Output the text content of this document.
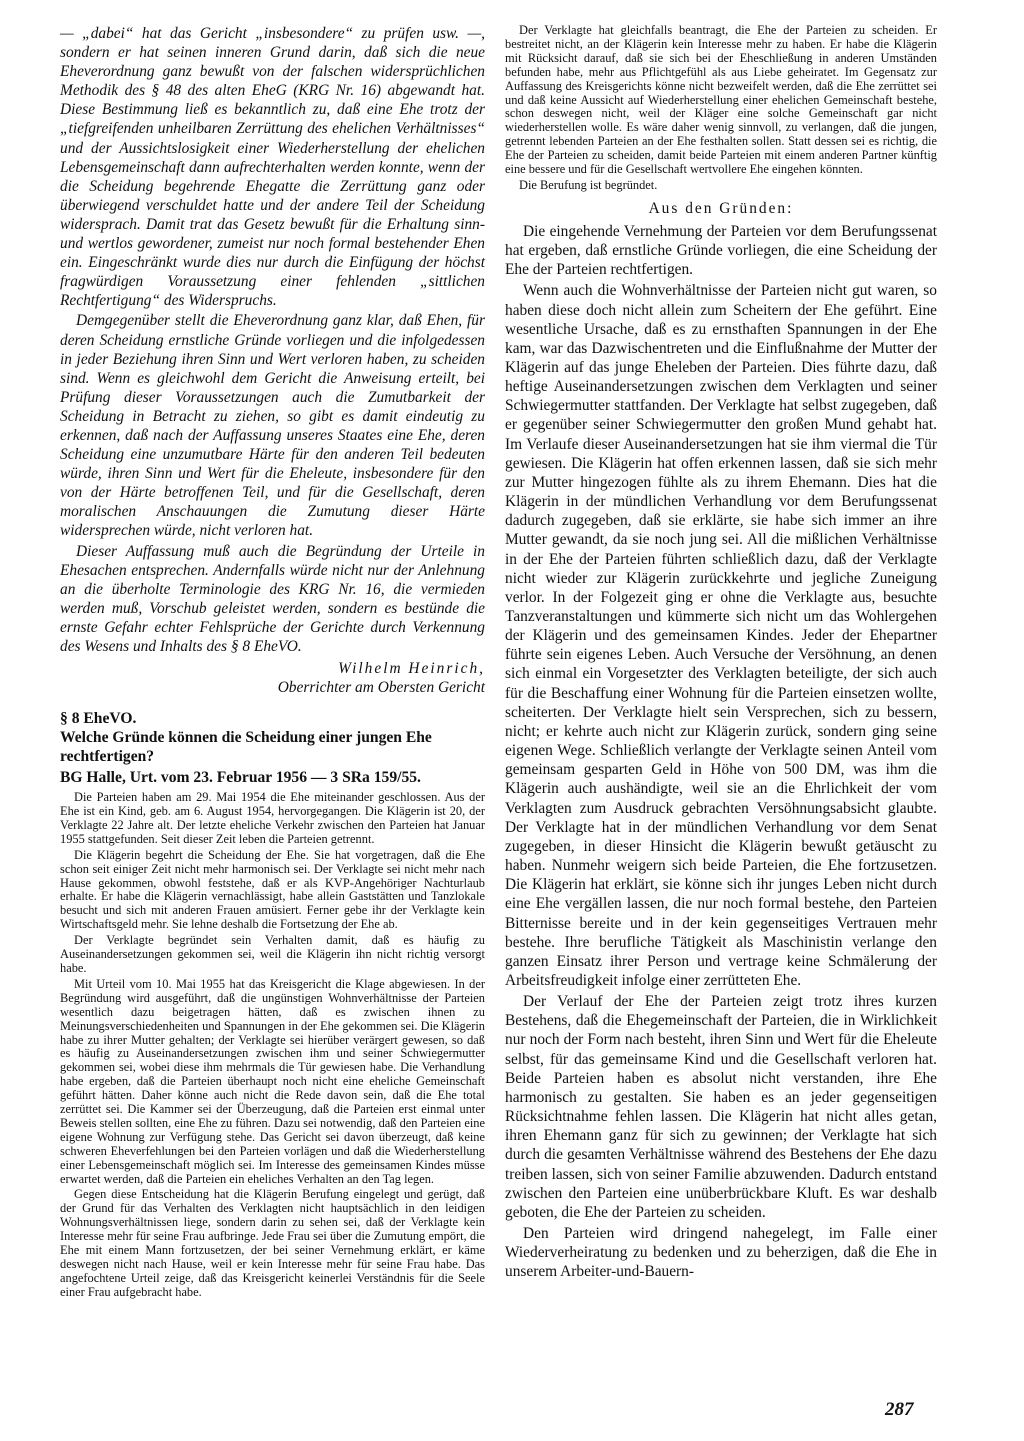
— „dabei“ hat das Gericht „insbesondere“ zu prüfen usw. —, sondern er hat seinen inneren Grund darin, daß sich die neue Eheverordnung ganz bewußt von der falschen widersprüchlichen Methodik des § 48 des alten EheG (KRG Nr. 16) abgewandt hat. Diese Bestimmung ließ es bekanntlich zu, daß eine Ehe trotz der „tiefgreifenden unheilbaren Zerrüttung des ehelichen Verhältnisses“ und der Aussichtslosigkeit einer Wiederherstellung der ehelichen Lebensgemeinschaft dann aufrechterhalten werden konnte, wenn der die Scheidung begehrende Ehegatte die Zerrüttung ganz oder überwiegend verschuldet hatte und der andere Teil der Scheidung widersprach. Damit trat das Gesetz bewußt für die Erhaltung sinn- und wertlos gewordener, zumeist nur noch formal bestehender Ehen ein. Eingeschränkt wurde dies nur durch die Einfügung der höchst fragwürdigen Voraussetzung einer fehlenden „sittlichen Rechtfertigung“ des Widerspruchs.

Demgegenüber stellt die Eheverordnung ganz klar, daß Ehen, für deren Scheidung ernstliche Gründe vorliegen und die infolgedessen in jeder Beziehung ihren Sinn und Wert verloren haben, zu scheiden sind. Wenn es gleichwohl dem Gericht die Anweisung erteilt, bei Prüfung dieser Voraussetzungen auch die Zumutbarkeit der Scheidung in Betracht zu ziehen, so gibt es damit eindeutig zu erkennen, daß nach der Auffassung unseres Staates eine Ehe, deren Scheidung eine unzumutbare Härte für den anderen Teil bedeuten würde, ihren Sinn und Wert für die Eheleute, insbesondere für den von der Härte betroffenen Teil, und für die Gesellschaft, deren moralischen Anschauungen die Zumutung dieser Härte widersprechen würde, nicht verloren hat.

Dieser Auffassung muß auch die Begründung der Urteile in Ehesachen entsprechen. Andernfalls würde nicht nur der Anlehnung an die überholte Terminologie des KRG Nr. 16, die vermieden werden muß, Vorschub geleistet werden, sondern es bestünde die ernste Gefahr echter Fehlsprüche der Gerichte durch Verkennung des Wesens und Inhalts des § 8 EheVO.

Wilhelm Heinrich,
Oberrichter am Obersten Gericht
§ 8 EheVO.
Welche Gründe können die Scheidung einer jungen Ehe rechtfertigen?
BG Halle, Urt. vom 23. Februar 1956 — 3 SRa 159/55.

Die Parteien haben am 29. Mai 1954 die Ehe miteinander geschlossen. Aus der Ehe ist ein Kind, geb. am 6. August 1954, hervorgegangen. Die Klägerin ist 20, der Verklagte 22 Jahre alt. Der letzte eheliche Verkehr zwischen den Parteien hat Januar 1955 stattgefunden. Seit dieser Zeit leben die Parteien getrennt.

Die Klägerin begehrt die Scheidung der Ehe. Sie hat vorgetragen, daß die Ehe schon seit einiger Zeit nicht mehr harmonisch sei. Der Verklagte sei nicht mehr nach Hause gekommen, obwohl feststehe, daß er als KVP-Angehöriger Nachturlaub erhalte. Er habe die Klägerin vernachlässigt, habe allein Gaststätten und Tanzlokale besucht und sich mit anderen Frauen amüsiert. Ferner gebe ihr der Verklagte kein Wirtschaftsgeld mehr. Sie lehne deshalb die Fortsetzung der Ehe ab.

Der Verklagte begründet sein Verhalten damit, daß es häufig zu Auseinandersetzungen gekommen sei, weil die Klägerin ihn nicht richtig versorgt habe.

Mit Urteil vom 10. Mai 1955 hat das Kreisgericht die Klage abgewiesen. In der Begründung wird ausgeführt, daß die ungünstigen Wohnverhältnisse der Parteien wesentlich dazu beigetragen hätten, daß es zwischen ihnen zu Meinungsverschiedenheiten und Spannungen in der Ehe gekommen sei. Die Klägerin habe zu ihrer Mutter gehalten; der Verklagte sei hierüber verärgert gewesen, so daß es häufig zu Auseinandersetzungen zwischen ihm und seiner Schwiegermutter gekommen sei, wobei diese ihm mehrmals die Tür gewiesen habe. Die Verhandlung habe ergeben, daß die Parteien überhaupt noch nicht eine eheliche Gemeinschaft geführt hätten. Daher könne auch nicht die Rede davon sein, daß die Ehe total zerrüttet sei. Die Kammer sei der Überzeugung, daß die Parteien erst einmal unter Beweis stellen sollten, eine Ehe zu führen. Dazu sei notwendig, daß den Parteien eine eigene Wohnung zur Verfügung stehe. Das Gericht sei davon überzeugt, daß keine schweren Eheverfehlungen bei den Parteien vorlägen und daß die Wiederherstellung einer Lebensgemeinschaft möglich sei. Im Interesse des gemeinsamen Kindes müsse erwartet werden, daß die Parteien ein eheliches Verhalten an den Tag legen.

Gegen diese Entscheidung hat die Klägerin Berufung eingelegt und gerügt, daß der Grund für das Verhalten des Verklagten nicht hauptsächlich in den leidigen Wohnungsverhältnissen liege, sondern darin zu sehen sei, daß der Verklagte kein Interesse mehr für seine Frau aufbringe. Jede Frau sei über die Zumutung empört, die Ehe mit einem Mann fortzusetzen, der bei seiner Vernehmung erklärt, er käme deswegen nicht nach Hause, weil er kein Interesse mehr für seine Frau habe. Das angefochtene Urteil zeige, daß das Kreisgericht keinerlei Verständnis für die Seele einer Frau aufgebracht habe.

Der Verklagte hat gleichfalls beantragt, die Ehe der Parteien zu scheiden. Er bestreitet nicht, an der Klägerin kein Interesse mehr zu haben. Er habe die Klägerin mit Rücksicht darauf, daß sie sich bei der Eheschließung in anderen Umständen befunden habe, mehr aus Pflichtgefühl als aus Liebe geheiratet. Im Gegensatz zur Auffassung des Kreisgerichts könne nicht bezweifelt werden, daß die Ehe zerrüttet sei und daß keine Aussicht auf Wiederherstellung einer ehelichen Gemeinschaft bestehe, schon deswegen nicht, weil der Kläger eine solche Gemeinschaft gar nicht wiederherstellen wolle. Es wäre daher wenig sinnvoll, zu verlangen, daß die jungen, getrennt lebenden Parteien an der Ehe festhalten sollen. Statt dessen sei es richtig, die Ehe der Parteien zu scheiden, damit beide Parteien mit einem anderen Partner künftig eine bessere und für die Gesellschaft wertvollere Ehe eingehen könnten.

Die Berufung ist begründet.

Aus den Gründen:

Die eingehende Vernehmung der Parteien vor dem Berufungssenat hat ergeben, daß ernstliche Gründe vorliegen, die eine Scheidung der Ehe der Parteien rechtfertigen.

Wenn auch die Wohnverhältnisse der Parteien nicht gut waren, so haben diese doch nicht allein zum Scheitern der Ehe geführt. Eine wesentliche Ursache, daß es zu ernsthaften Spannungen in der Ehe kam, war das Dazwischentreten und die Einflußnahme der Mutter der Klägerin auf das junge Eheleben der Parteien. Dies führte dazu, daß heftige Auseinandersetzungen zwischen dem Verklagten und seiner Schwiegermutter stattfanden. Der Verklagte hat selbst zugegeben, daß er gegenüber seiner Schwiegermutter den großen Mund gehabt hat. Im Verlaufe dieser Auseinandersetzungen hat sie ihm viermal die Tür gewiesen. Die Klägerin hat offen erkennen lassen, daß sie sich mehr zur Mutter hingezogen fühlte als zu ihrem Ehemann. Dies hat die Klägerin in der mündlichen Verhandlung vor dem Berufungssenat dadurch zugegeben, daß sie erklärte, sie habe sich immer an ihre Mutter gewandt, da sie noch jung sei. All die mißlichen Verhältnisse in der Ehe der Parteien führten schließlich dazu, daß der Verklagte nicht wieder zur Klägerin zurückkehrte und jegliche Zuneigung verlor. In der Folgezeit ging er ohne die Verklagte aus, besuchte Tanzveranstaltungen und kümmerte sich nicht um das Wohlergehen der Klägerin und des gemeinsamen Kindes. Jeder der Ehepartner führte sein eigenes Leben. Auch Versuche der Versöhnung, an denen sich einmal ein Vorgesetzter des Verklagten beteiligte, der sich auch für die Beschaffung einer Wohnung für die Parteien einsetzen wollte, scheiterten. Der Verklagte hielt sein Versprechen, sich zu bessern, nicht; er kehrte auch nicht zur Klägerin zurück, sondern ging seine eigenen Wege. Schließlich verlangte der Verklagte seinen Anteil vom gemeinsam gesparten Geld in Höhe von 500 DM, was ihm die Klägerin auch aushändigte, weil sie an die Ehrlichkeit der vom Verklagten zum Ausdruck gebrachten Versöhnungsabsicht glaubte. Der Verklagte hat in der mündlichen Verhandlung vor dem Senat zugegeben, in dieser Hinsicht die Klägerin bewußt getäuscht zu haben. Nunmehr weigern sich beide Parteien, die Ehe fortzusetzen. Die Klägerin hat erklärt, sie könne sich ihr junges Leben nicht durch eine Ehe vergällen lassen, die nur noch formal bestehe, den Parteien Bitternisse bereite und in der kein gegenseitiges Vertrauen mehr bestehe. Ihre berufliche Tätigkeit als Maschinistin verlange den ganzen Einsatz ihrer Person und vertrage keine Schmälerung der Arbeitsfreudigkeit infolge einer zerrütteten Ehe.

Der Verlauf der Ehe der Parteien zeigt trotz ihres kurzen Bestehens, daß die Ehegemeinschaft der Parteien, die in Wirklichkeit nur noch der Form nach besteht, ihren Sinn und Wert für die Eheleute selbst, für das gemeinsame Kind und die Gesellschaft verloren hat. Beide Parteien haben es absolut nicht verstanden, ihre Ehe harmonisch zu gestalten. Sie haben es an jeder gegenseitigen Rücksichtnahme fehlen lassen. Die Klägerin hat nicht alles getan, ihren Ehemann ganz für sich zu gewinnen; der Verklagte hat sich durch die gesamten Verhältnisse während des Bestehens der Ehe dazu treiben lassen, sich von seiner Familie abzuwenden. Dadurch entstand zwischen den Parteien eine unüberbrückbare Kluft. Es war deshalb geboten, die Ehe der Parteien zu scheiden.

Den Parteien wird dringend nahegelegt, im Falle einer Wiederverheiratung zu bedenken und zu beherzigen, daß die Ehe in unserem Arbeiter-und-Bauern-

287
